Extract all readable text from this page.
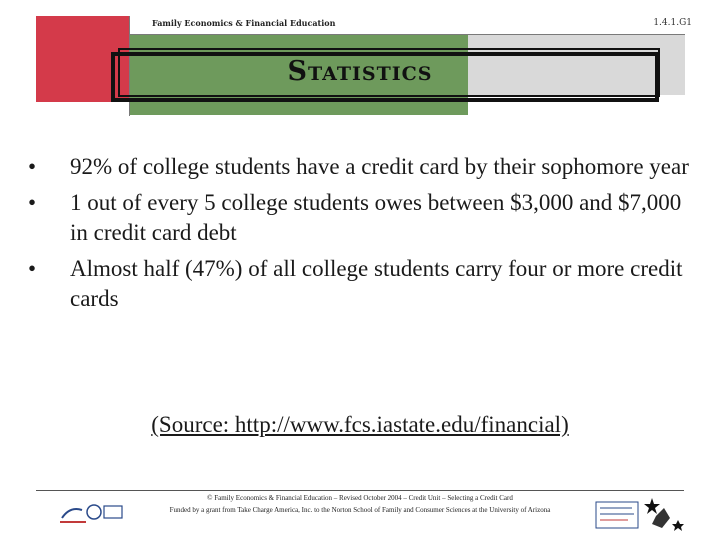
Family Economics & Financial Education	1.4.1.G1
Statistics
• 92% of college students have a credit card by their sophomore year
• 1 out of every 5 college students owes between $3,000 and $7,000 in credit card debt
• Almost half (47%) of all college students carry four or more credit cards
(Source: http://www.fcs.iastate.edu/financial)
© Family Economics & Financial Education – Revised October 2004 – Credit Unit – Selecting a Credit Card
Funded by a grant from Take Charge America, Inc. to the Norton School of Family and Consumer Sciences at the University of Arizona
